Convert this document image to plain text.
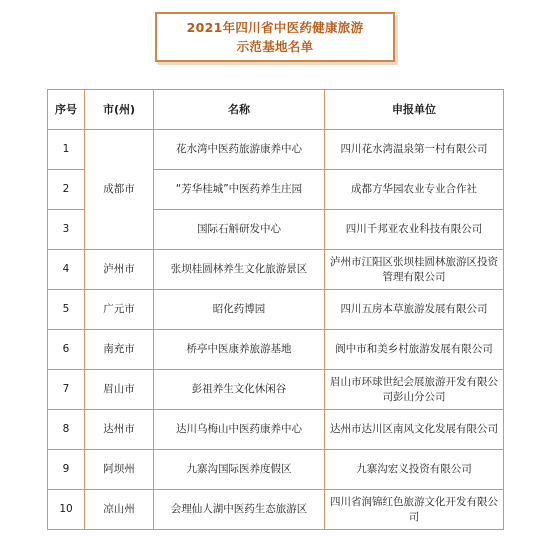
2021年四川省中医药健康旅游
示范基地名单
序号	市(州)	名称	申报单位
1	成都市	花水湾中医药旅游康养中心	四川花水湾温泉第一村有限公司
2		“芳华桂城”中医药养生庄园	成都方华园农业专业合作社
3		国际石斛研发中心	四川千邦亚农业科技有限公司
4	泸州市	张坝桂圆林养生文化旅游景区	泸州市江阳区张坝桂圆林旅游区投资管理有限公司
5	广元市	昭化药博园	四川五房本草旅游发展有限公司
6	南充市	桥亭中医康养旅游基地	阆中市和美乡村旅游发展有限公司
7	眉山市	彭祖养生文化休闲谷	眉山市环球世纪会展旅游开发有限公司彭山分公司
8	达州市	达川乌梅山中医药康养中心	达州市达川区南风文化发展有限公司
9	阿坝州	九寨沟国际医养度假区	九寨沟宏义投资有限公司
10	凉山州	会理仙人湖中医药生态旅游区	四川省润锦红色旅游文化开发有限公司
